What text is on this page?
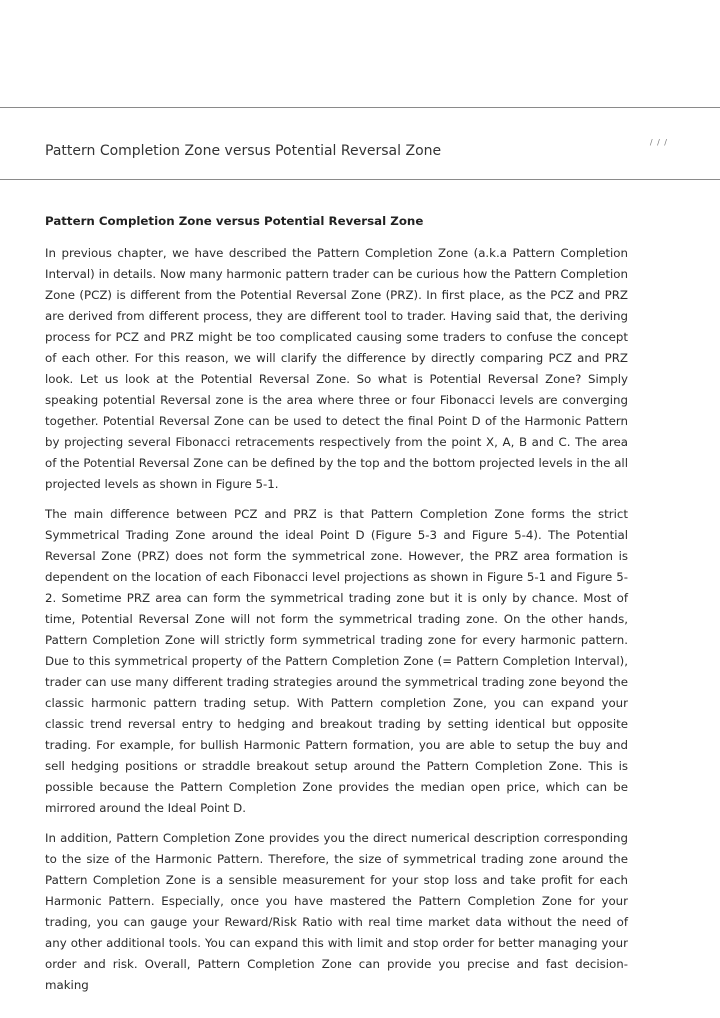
/ / /
Pattern Completion Zone versus Potential Reversal Zone
Pattern Completion Zone versus Potential Reversal Zone

In previous chapter, we have described the Pattern Completion Zone (a.k.a Pattern Completion Interval) in details. Now many harmonic pattern trader can be curious how the Pattern Completion Zone (PCZ) is different from the Potential Reversal Zone (PRZ). In first place, as the PCZ and PRZ are derived from different process, they are different tool to trader. Having said that, the deriving process for PCZ and PRZ might be too complicated causing some traders to confuse the concept of each other. For this reason, we will clarify the difference by directly comparing PCZ and PRZ look. Let us look at the Potential Reversal Zone. So what is Potential Reversal Zone? Simply speaking potential Reversal zone is the area where three or four Fibonacci levels are converging together. Potential Reversal Zone can be used to detect the final Point D of the Harmonic Pattern by projecting several Fibonacci retracements respectively from the point X, A, B and C. The area of the Potential Reversal Zone can be defined by the top and the bottom projected levels in the all projected levels as shown in Figure 5-1.

The main difference between PCZ and PRZ is that Pattern Completion Zone forms the strict Symmetrical Trading Zone around the ideal Point D (Figure 5-3 and Figure 5-4). The Potential Reversal Zone (PRZ) does not form the symmetrical zone. However, the PRZ area formation is dependent on the location of each Fibonacci level projections as shown in Figure 5-1 and Figure 5-2. Sometime PRZ area can form the symmetrical trading zone but it is only by chance. Most of time, Potential Reversal Zone will not form the symmetrical trading zone. On the other hands, Pattern Completion Zone will strictly form symmetrical trading zone for every harmonic pattern. Due to this symmetrical property of the Pattern Completion Zone (= Pattern Completion Interval), trader can use many different trading strategies around the symmetrical trading zone beyond the classic harmonic pattern trading setup. With Pattern completion Zone, you can expand your classic trend reversal entry to hedging and breakout trading by setting identical but opposite trading. For example, for bullish Harmonic Pattern formation, you are able to setup the buy and sell hedging positions or straddle breakout setup around the Pattern Completion Zone. This is possible because the Pattern Completion Zone provides the median open price, which can be mirrored around the Ideal Point D.

In addition, Pattern Completion Zone provides you the direct numerical description corresponding to the size of the Harmonic Pattern. Therefore, the size of symmetrical trading zone around the Pattern Completion Zone is a sensible measurement for your stop loss and take profit for each Harmonic Pattern. Especially, once you have mastered the Pattern Completion Zone for your trading, you can gauge your Reward/Risk Ratio with real time market data without the need of any other additional tools. You can expand this with limit and stop order for better managing your order and risk. Overall, Pattern Completion Zone can provide you precise and fast decision-making
